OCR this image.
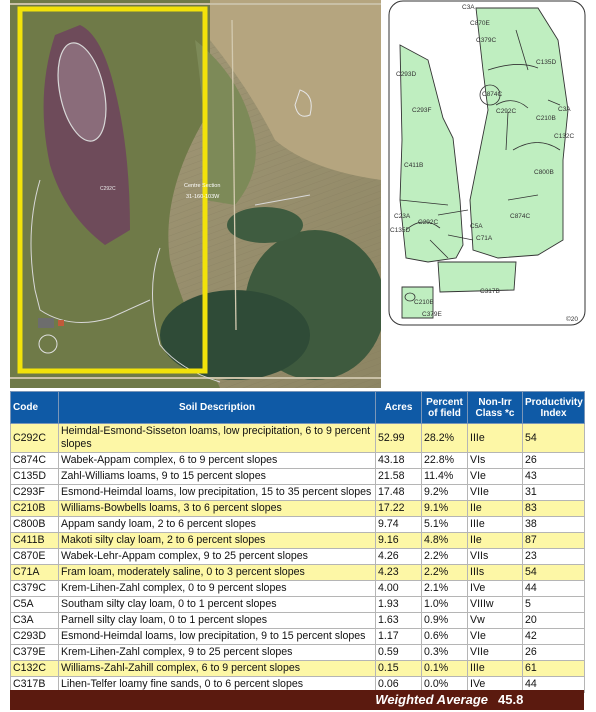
C292C	Centre Section
31-160-103W
C3A
C870E
C379C
C293D
C135D
C874C
C292C
C210B
C3A
C132C
C293F
C800B
C411B
C23A
C135D
C292C
C5A
C71A
C874C
C317B
C210B
C379E
©20
Code	Soil Description	Acres	Percent of field	Non-Irr Class *c	Productivity Index
C292C	Heimdal-Esmond-Sisseton loams, low precipitation, 6 to 9 percent slopes	52.99	28.2%	IIIe	54
C874C	Wabek-Appam complex, 6 to 9 percent slopes	43.18	22.8%	VIs	26
C135D	Zahl-Williams loams, 9 to 15 percent slopes	21.58	11.4%	VIe	43
C293F	Esmond-Heimdal loams, low precipitation, 15 to 35 percent slopes	17.48	9.2%	VIIe	31
C210B	Williams-Bowbells loams, 3 to 6 percent slopes	17.22	9.1%	IIe	83
C800B	Appam sandy loam, 2 to 6 percent slopes	9.74	5.1%	IIIe	38
C411B	Makoti silty clay loam, 2 to 6 percent slopes	9.16	4.8%	IIe	87
C870E	Wabek-Lehr-Appam complex, 9 to 25 percent slopes	4.26	2.2%	VIIs	23
C71A	Fram loam, moderately saline, 0 to 3 percent slopes	4.23	2.2%	IIIs	54
C379C	Krem-Lihen-Zahl complex, 0 to 9 percent slopes	4.00	2.1%	IVe	44
C5A	Southam silty clay loam, 0 to 1 percent slopes	1.93	1.0%	VIIIw	5
C3A	Parnell silty clay loam, 0 to 1 percent slopes	1.63	0.9%	Vw	20
C293D	Esmond-Heimdal loams, low precipitation, 9 to 15 percent slopes	1.17	0.6%	VIe	42
C379E	Krem-Lihen-Zahl complex, 9 to 25 percent slopes	0.59	0.3%	VIIe	26
C132C	Williams-Zahl-Zahill complex, 6 to 9 percent slopes	0.15	0.1%	IIIe	61
C317B	Lihen-Telfer loamy fine sands, 0 to 6 percent slopes	0.06	0.0%	IVe	44
Weighted Average 45.8
